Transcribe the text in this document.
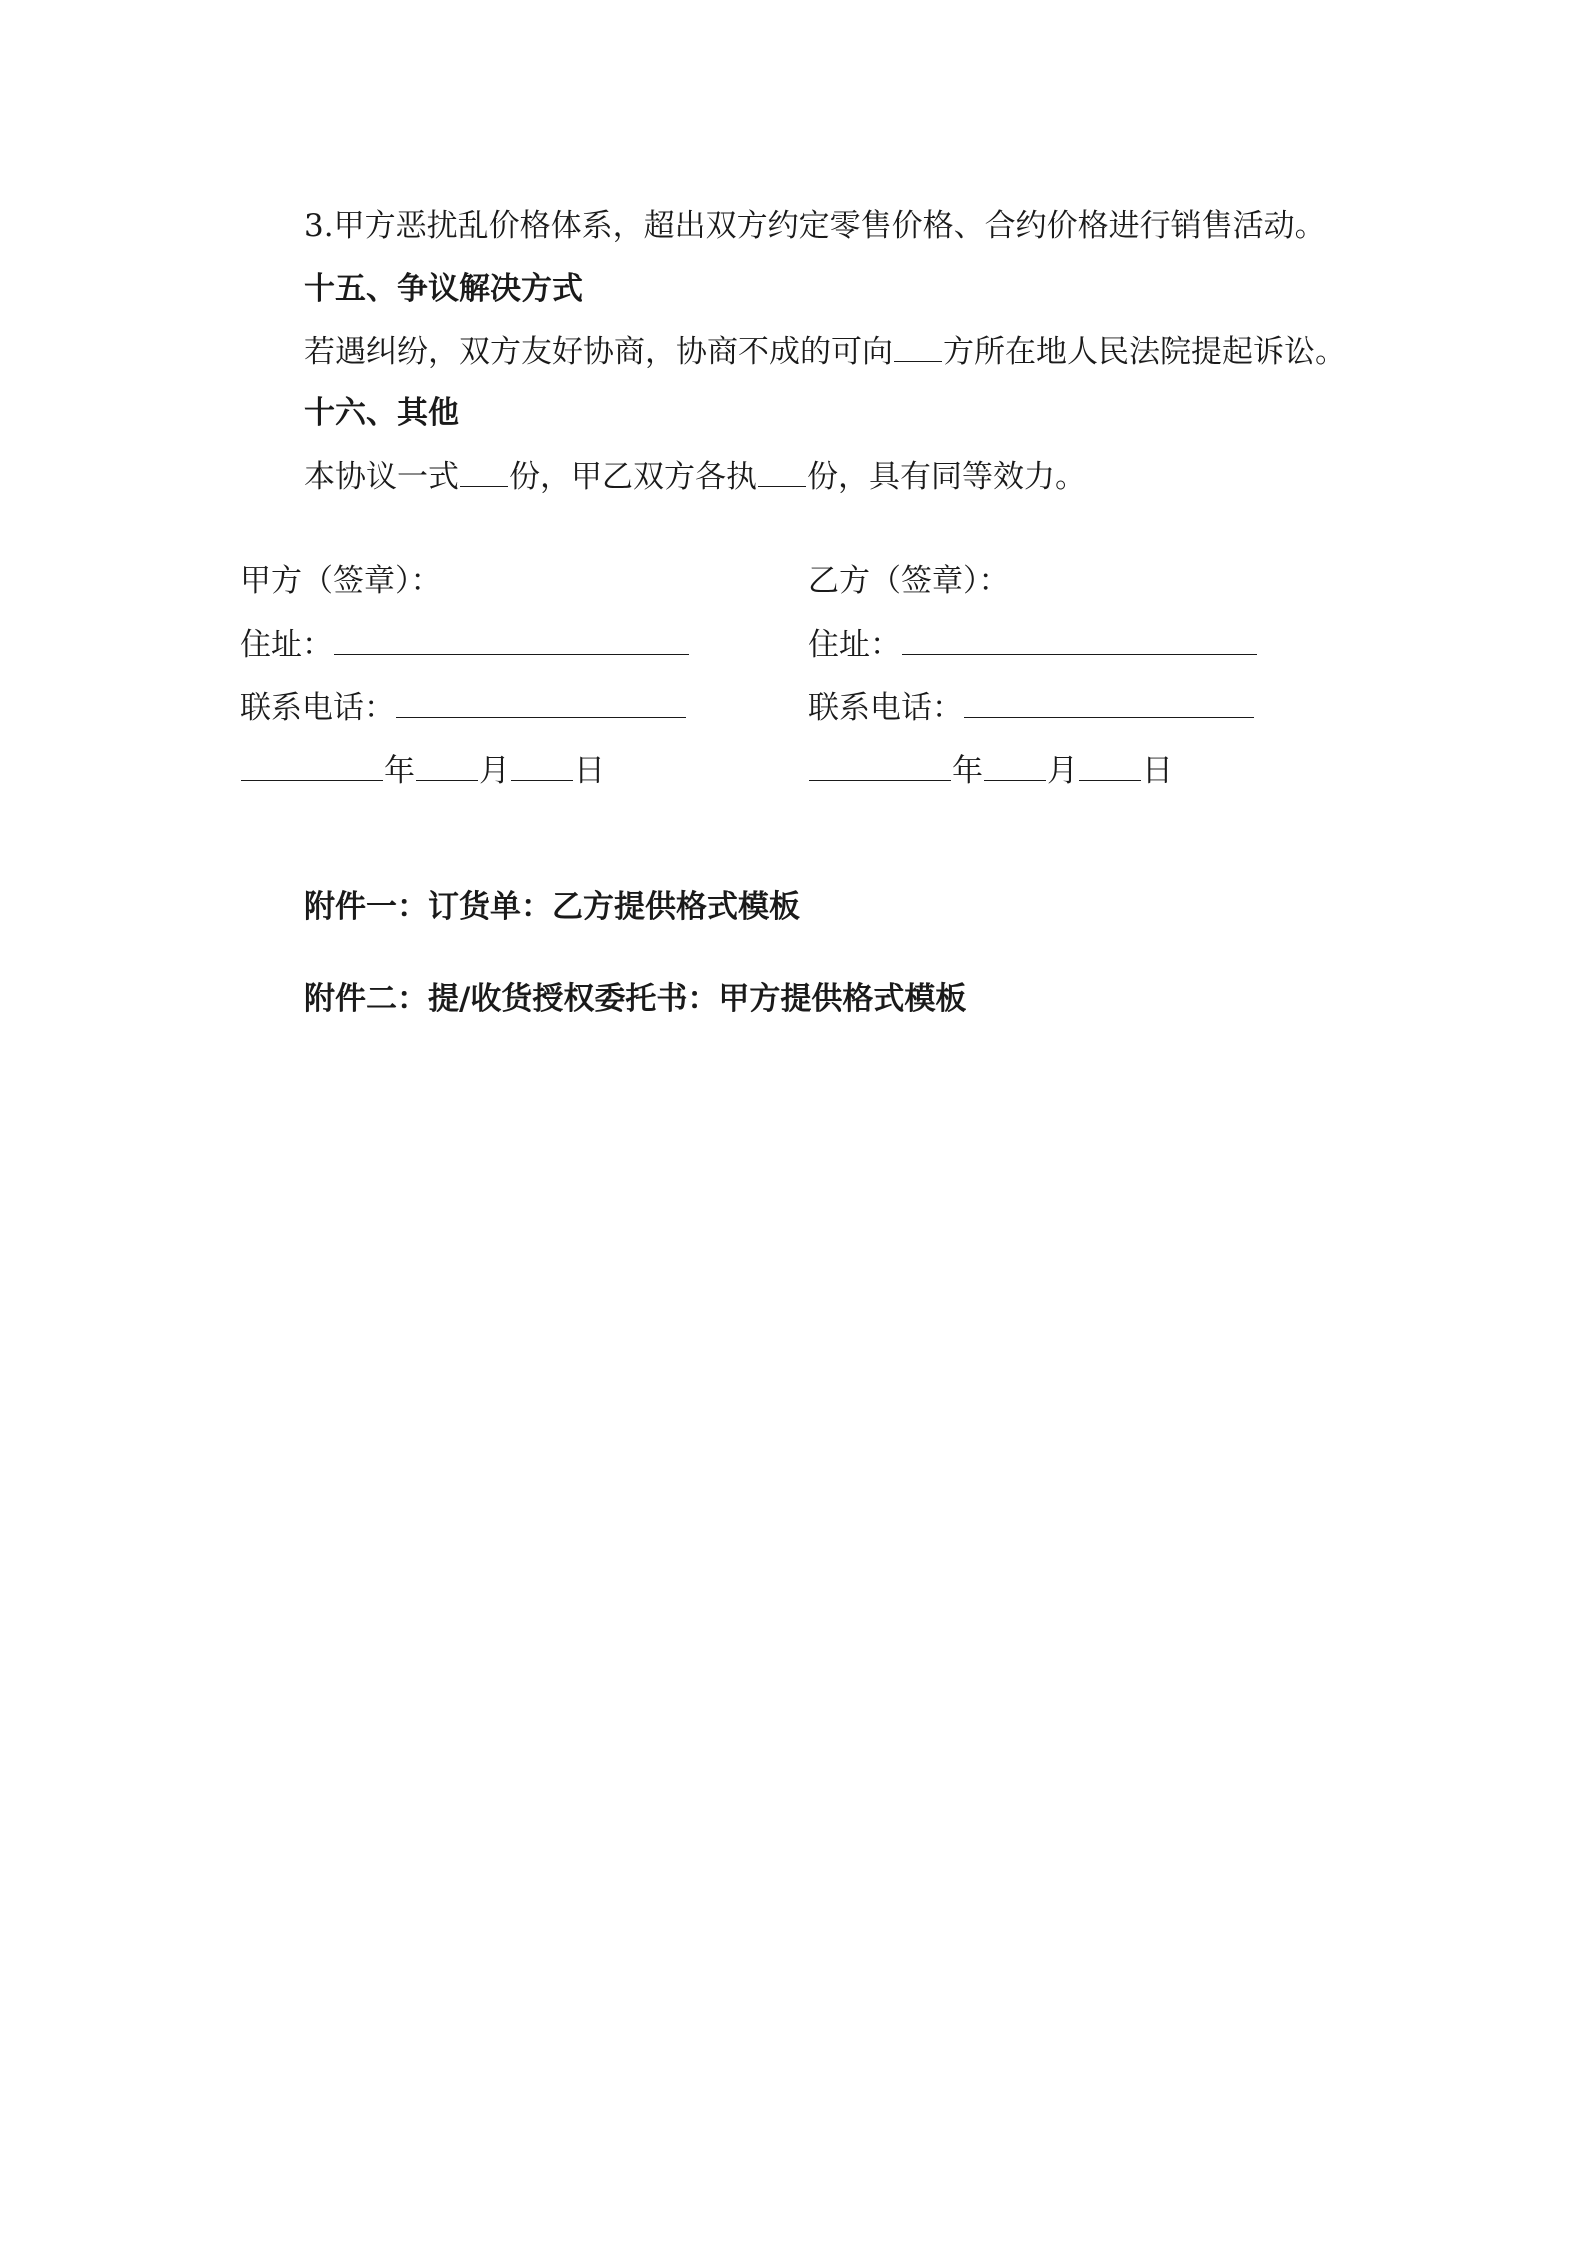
3.甲方恶扰乱价格体系，超出双方约定零售价格、合约价格进行销售活动。
十五、争议解决方式
若遇纠纷，双方友好协商，协商不成的可向 方所在地人民法院提起诉讼。
十六、其他
本协议一式 份，甲乙双方各执 份，具有同等效力。
甲方（签章）：
住址：
联系电话：
年 月 日
乙方（签章）：
住址：
联系电话：
年 月 日
附件一：订货单：乙方提供格式模板
附件二：提/收货授权委托书：甲方提供格式模板
